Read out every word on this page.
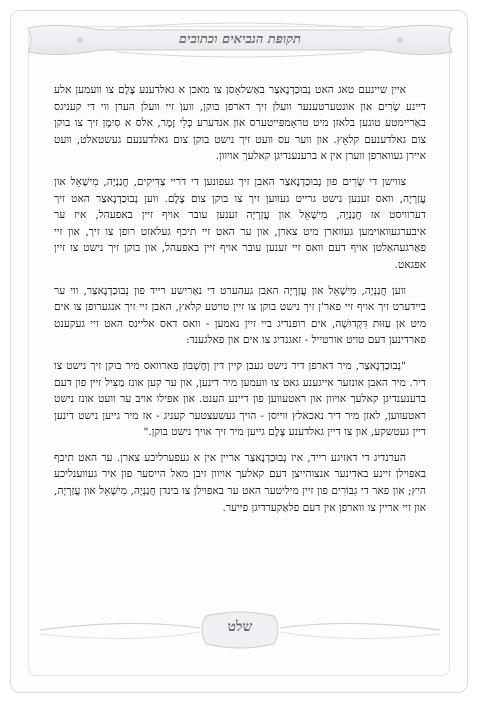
תקופת הנביאים וכתובים

איין שיינעם טאג האט נְבוּכַדְנֶאצַר באַשלאָסן צו מאכן א גאלדענע צֶלֶם צו וועמען אלע דיינע שָׂרִים און אונטערטענער וועלן זיך דארפן בוקן, וועןׂ זיי וועלן הערן ווי די קעניגס באַריימטע טונען בלאזן מיט טראָמפּייטערס און אנדערע כְּלֵי זֶמֶר, אלס א סִימָן זיך צו בוקן צום גאלדענעם קלאָץ. און ווער עס וועט זיך נישט בוקן צום גאלדענעם געשטאלט, וועט איירן געווארפן ווערן אין א ברענענדיגן קאלעך אויוון.

צווישן די שָׂרִים פון נְבוּכַדְנֶאצַר האבן זיך געפונען די דריי צַדִּיקִים, חֲנַנְיָה, מִישָׁאֵל און עֲזַרְיָה, וואס זענען נישט גרייט געווען זיך צו בוקן צום צֶלֶם. ווען נְבוּכַדְנֶאצַר האט זיך דערוויסט אז חֲנַנְיָה, מִישָׁאֵל און עֲזַרְיָה זענען עובר אויף זיין באפעהל, איז ער איבערגעוואוימען געווארן מיט צארן, און ער האט זיי תיכף געלאזט רופן צו זיך, און זיי פאַרגעהאַלטן אויף דעם וואס זיי זענען עובר אויף זיין באפעהל, און בוקן זיך נישט צו זיין אפגאט.

ווען חֲנַנְיָה, מִישָׁאֵל און עֲזַרְיָה האבן געהערט די נאַרישע רייד פון נְבוּכַדְנֶאצַר, ווי ער ביידערט זיך אויף זיי פאר'ן זיך נישט בוקן צו זיין טויטע קלאץ, האבן זיי זיך אנגערופן צו אים מיט אן עַזּוּת דִּקְדוּשָׁה, אים רופנדיג ביי זיין נאמען - וואס דאס אליינס האט זיי געקענט פארדינען דעם טויט אורטייל - זאגנדיג צו אים און פאלגענד:

"נְבוּכַדְנֶאצַר, מיר דארפן דיר נישט געבן קיין דין וְחֶשְׁבּוֹן פארוואס מיר בוקן זיך נישט צו דיר. מיר האבן אונזער אייגענע גאט צו וועמען מיר דינען, און ער קען אונז מַצִּיל זיין פון דעם ברענענדיגן קאלעך אויוון און ראטעווען פון דיינע הענט. און אפילו אויב ער וועט אונז נישט ראטעווען, לאזן מיר דיר נאכאלץ ווייסן - הויך געשעצטער קעניג - אז מיר גייען נישט דינען דיין געטשקע, און צו דיין גאלדענע צֶלֶם גייען מיר זיך אויך נישט בוקן."

הערנדיג די דאזיגע רייד, איז נְבוּכַדְנֶאצַר אריין אין א געפערליכע צארן. ער האט תיכף באפוילן זיינע באדינער אנצוהייצן דעם קאלעך אויוון זיבן מאל הייסער פון איר געווענליכע היץ; און פאר די גִבּוֹרִים פון זיין מיליטער האט ער באפוילן צו בינדן חֲנַנְיָה, מִישָׁאֵל און עֲזַרְיָה, און זיי אריין צו ווארפן אין דעם פלאַקערדיגן פייער.

שלט
